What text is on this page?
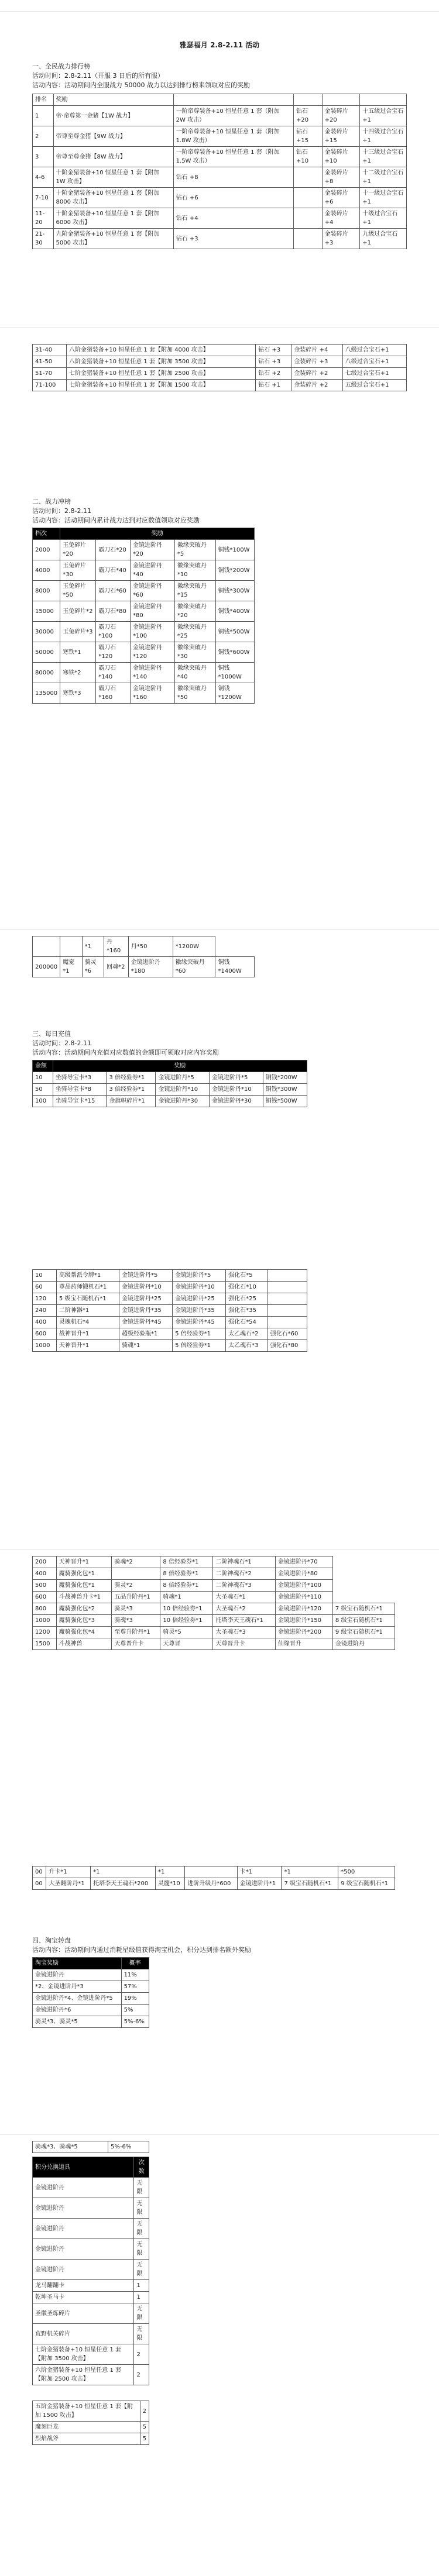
雅瑟福月 2.8-2.11 活动
一、全民战力排行榜
活动时间：2.8-2.11（开服 3 日后的所有服）
活动内容：活动期间内全服战力 50000 战力以达到排行榜来领取对应的奖励
排名	奖励				
1	帝·帝尊第一金猪【1W 战力】	一阶帝尊装备+10 恒星任意 1 套（附加 2W 攻击）	钻石 +20	金装碎片 +20	十五级过合宝石+1
2	帝尊至尊金猪【9W 战力】	一阶帝尊装备+10 恒星任意 1 套（附加 1.8W 攻击）	钻石 +15	金装碎片 +15	十四级过合宝石+1
3	帝尊至尊金猪【8W 战力】	一阶帝尊装备+10 恒星任意 1 套（附加 1.5W 攻击）	钻石 +10	金装碎片 +10	十三级过合宝石+1
4-6	十阶金猪装备+10 恒星任意 1 套【附加 1W 攻击】	钻石 +8		金装碎片 +8	十二级过合宝石+1
7-10	十阶金猪装备+10 恒星任意 1 套【附加 8000 攻击】	钻石 +6		金装碎片 +6	十一级过合宝石+1
11-20	十阶金猪装备+10 恒星任意 1 套【附加 6000 攻击】	钻石 +4		金装碎片 +4	十级过合宝石+1
21-30	九阶金猪装备+10 恒星任意 1 套【附加 5000 攻击】	钻石 +3		金装碎片 +3	九级过合宝石+1
31-40	八阶金猪装备+10 恒星任意 1 套【附加 4000 攻击】	钻石 +3	金装碎片 +4	八级过合宝石+1
41-50	八阶金猪装备+10 恒星任意 1 套【附加 3500 攻击】	钻石 +3	金装碎片 +3	八级过合宝石+1
51-70	七阶金猪装备+10 恒星任意 1 套【附加 2500 攻击】	钻石 +2	金装碎片 +2	七级过合宝石+1
71-100	七阶金猪装备+10 恒星任意 1 套【附加 1500 攻击】	钻石 +1	金装碎片 +2	五级过合宝石+1
二、战力冲榜
活动时间：2.8-2.11
活动内容：活动期间内累计战力达到对应数值领取对应奖励
档次	奖励				
2000	玉兔碎片*20	霸刀石*20	金镜进阶丹*20	徽缘突破丹*5	铜钱*100W
4000	玉兔碎片*30	霸刀石*40	金镜进阶丹*40	徽缘突破丹*10	铜钱*200W
8000	玉兔碎片*50	霸刀石*60	金镜进阶丹*60	徽缘突破丹*15	铜钱*300W
15000	玉兔碎片*2	霸刀石*80	金镜进阶丹*80	徽缘突破丹*20	铜钱*400W
30000	玉兔碎片*3	霸刀石*100	金镜进阶丹*100	徽缘突破丹*25	铜钱*500W
50000	寒铁*1	霸刀石*120	金镜进阶丹*120	徽缘突破丹*30	铜钱*600W
80000	寒铁*2	霸刀石*140	金镜进阶丹*140	徽缘突破丹*40	铜钱*1000W
135000	寒铁*3	霸刀石*160	金镜进阶丹*160	徽缘突破丹*50	铜钱*1200W
		*1	丹*160	丹*50	*1200W	
200000	魔宠*1	骑灵*6	回魂*2	金镜进阶丹*180	徽缘突破丹*60	铜钱*1400W
三、每日充值
活动时间：2.8-2.11
活动内容：活动期间内充值对应数值的金额即可领取对应内容奖励
金额	奖励				
10	坐骑导宝卡*3	3 倍经验券*1	金镜进阶丹*5	金镜进阶丹*5	铜钱*200W
50	坐骑导宝卡*8	3 倍经验券*1	金镜进阶丹*10	金镜进阶丹*10	铜钱*300W
100	坐骑导宝卡*15	金旗帜碎片*1	金镜进阶丹*30	金镜进阶丹*30	铜钱*500W
10	高级帮派令牌*1	金镜进阶丹*5	金镜进阶丹*5	强化石*5	
60	尊品药师锻机石*1	金镜进阶丹*10	金镜进阶丹*10	强化石*10	
120	5 级宝石随机石*1	金镜进阶丹*25	金镜进阶丹*25	强化石*25	
240	二阶神器*1	金镜进阶丹*35	金镜进阶丹*35	强化石*35	
400	灵魄机石*4	金镜进阶丹*45	金镜进阶丹*45	强化石*54	
600	战神晋升*1	超级经验瓶*1	5 倍经验券*1	太乙魂石*2	强化石*60
1000	天神晋升*1	骑魂*1	5 倍经验券*1	太乙魂石*3	强化石*80
200	天神晋升*1	骑魂*2	8 倍经验券*1	二阶神魂石*1	金镜进阶丹*70	
400	魔骑强化包*1		8 倍经验券*1	二阶神魂石*2	金镜进阶丹*80	
500	魔骑强化包*1	骑灵*2	8 倍经验券*1	二阶神魂石*3	金镜进阶丹*100	
600	斗战神兽升卡*1	五品升阶丹*1	骑魂*1	大圣魂石*1	金镜进阶丹*110	
800	魔骑强化包*2	骑灵*3	10 倍经验券*1	大圣魂石*2	金镜进阶丹*120	7 级宝石随机石*1
1000	魔骑强化包*3	骑魂*3	10 倍经验券*1	托塔李天王魂石*1	金镜进阶丹*150	8 级宝石随机石*1
1200	魔骑强化包*4	至尊升阶丹*1	骑灵*5	大圣魂石*3	金镜进阶丹*200	9 级宝石随机石*1
1500	斗战神兽	天尊晋升卡	天尊晋	天尊晋升卡	仙缘晋升	金镜进阶丹
00	升卡*1	*1	*1		卡*1	*1	*500
00	大圣翻阶丹*1	托塔李天王魂石*200	灵髓*10	进阶升级丹*600	金镜进阶丹*1	7 级宝石随机石*1	9 级宝石随机石*1
四、淘宝转盘
活动内容：活动期间内通过消耗星级值获得淘宝机会，积分达到排名额外奖励
淘宝奖励	概率
金镜进阶丹	11%
*2、金镜进阶丹*3	57%
金镜进阶丹*4、金镜进阶丹*5	19%
金镜进阶丹*6	5%
骑灵*3、骑灵*5	5%-6%
骑魂*3、骑魂*5	5%-6%
积分兑换道具	次数
金镜进阶丹	无限
金镜进阶丹	无限
金镜进阶丹	无限
金镜进阶丹	无限
金镜进阶丹	无限
龙马翻翻卡	1
乾坤圣马卡	1
圣徽圣炼碎片	无限
荒野机关碎片	无限
七阶金猪装备+10 恒星任意 1 套【附加 3500 攻击】	2
六阶金猪装备+10 恒星任意 1 套【附加 2500 攻击】	2
五阶金猪装备+10 恒星任意 1 套【附加 1500 攻击】	2
魔刻巨龙	5
烈焰战斧	5
